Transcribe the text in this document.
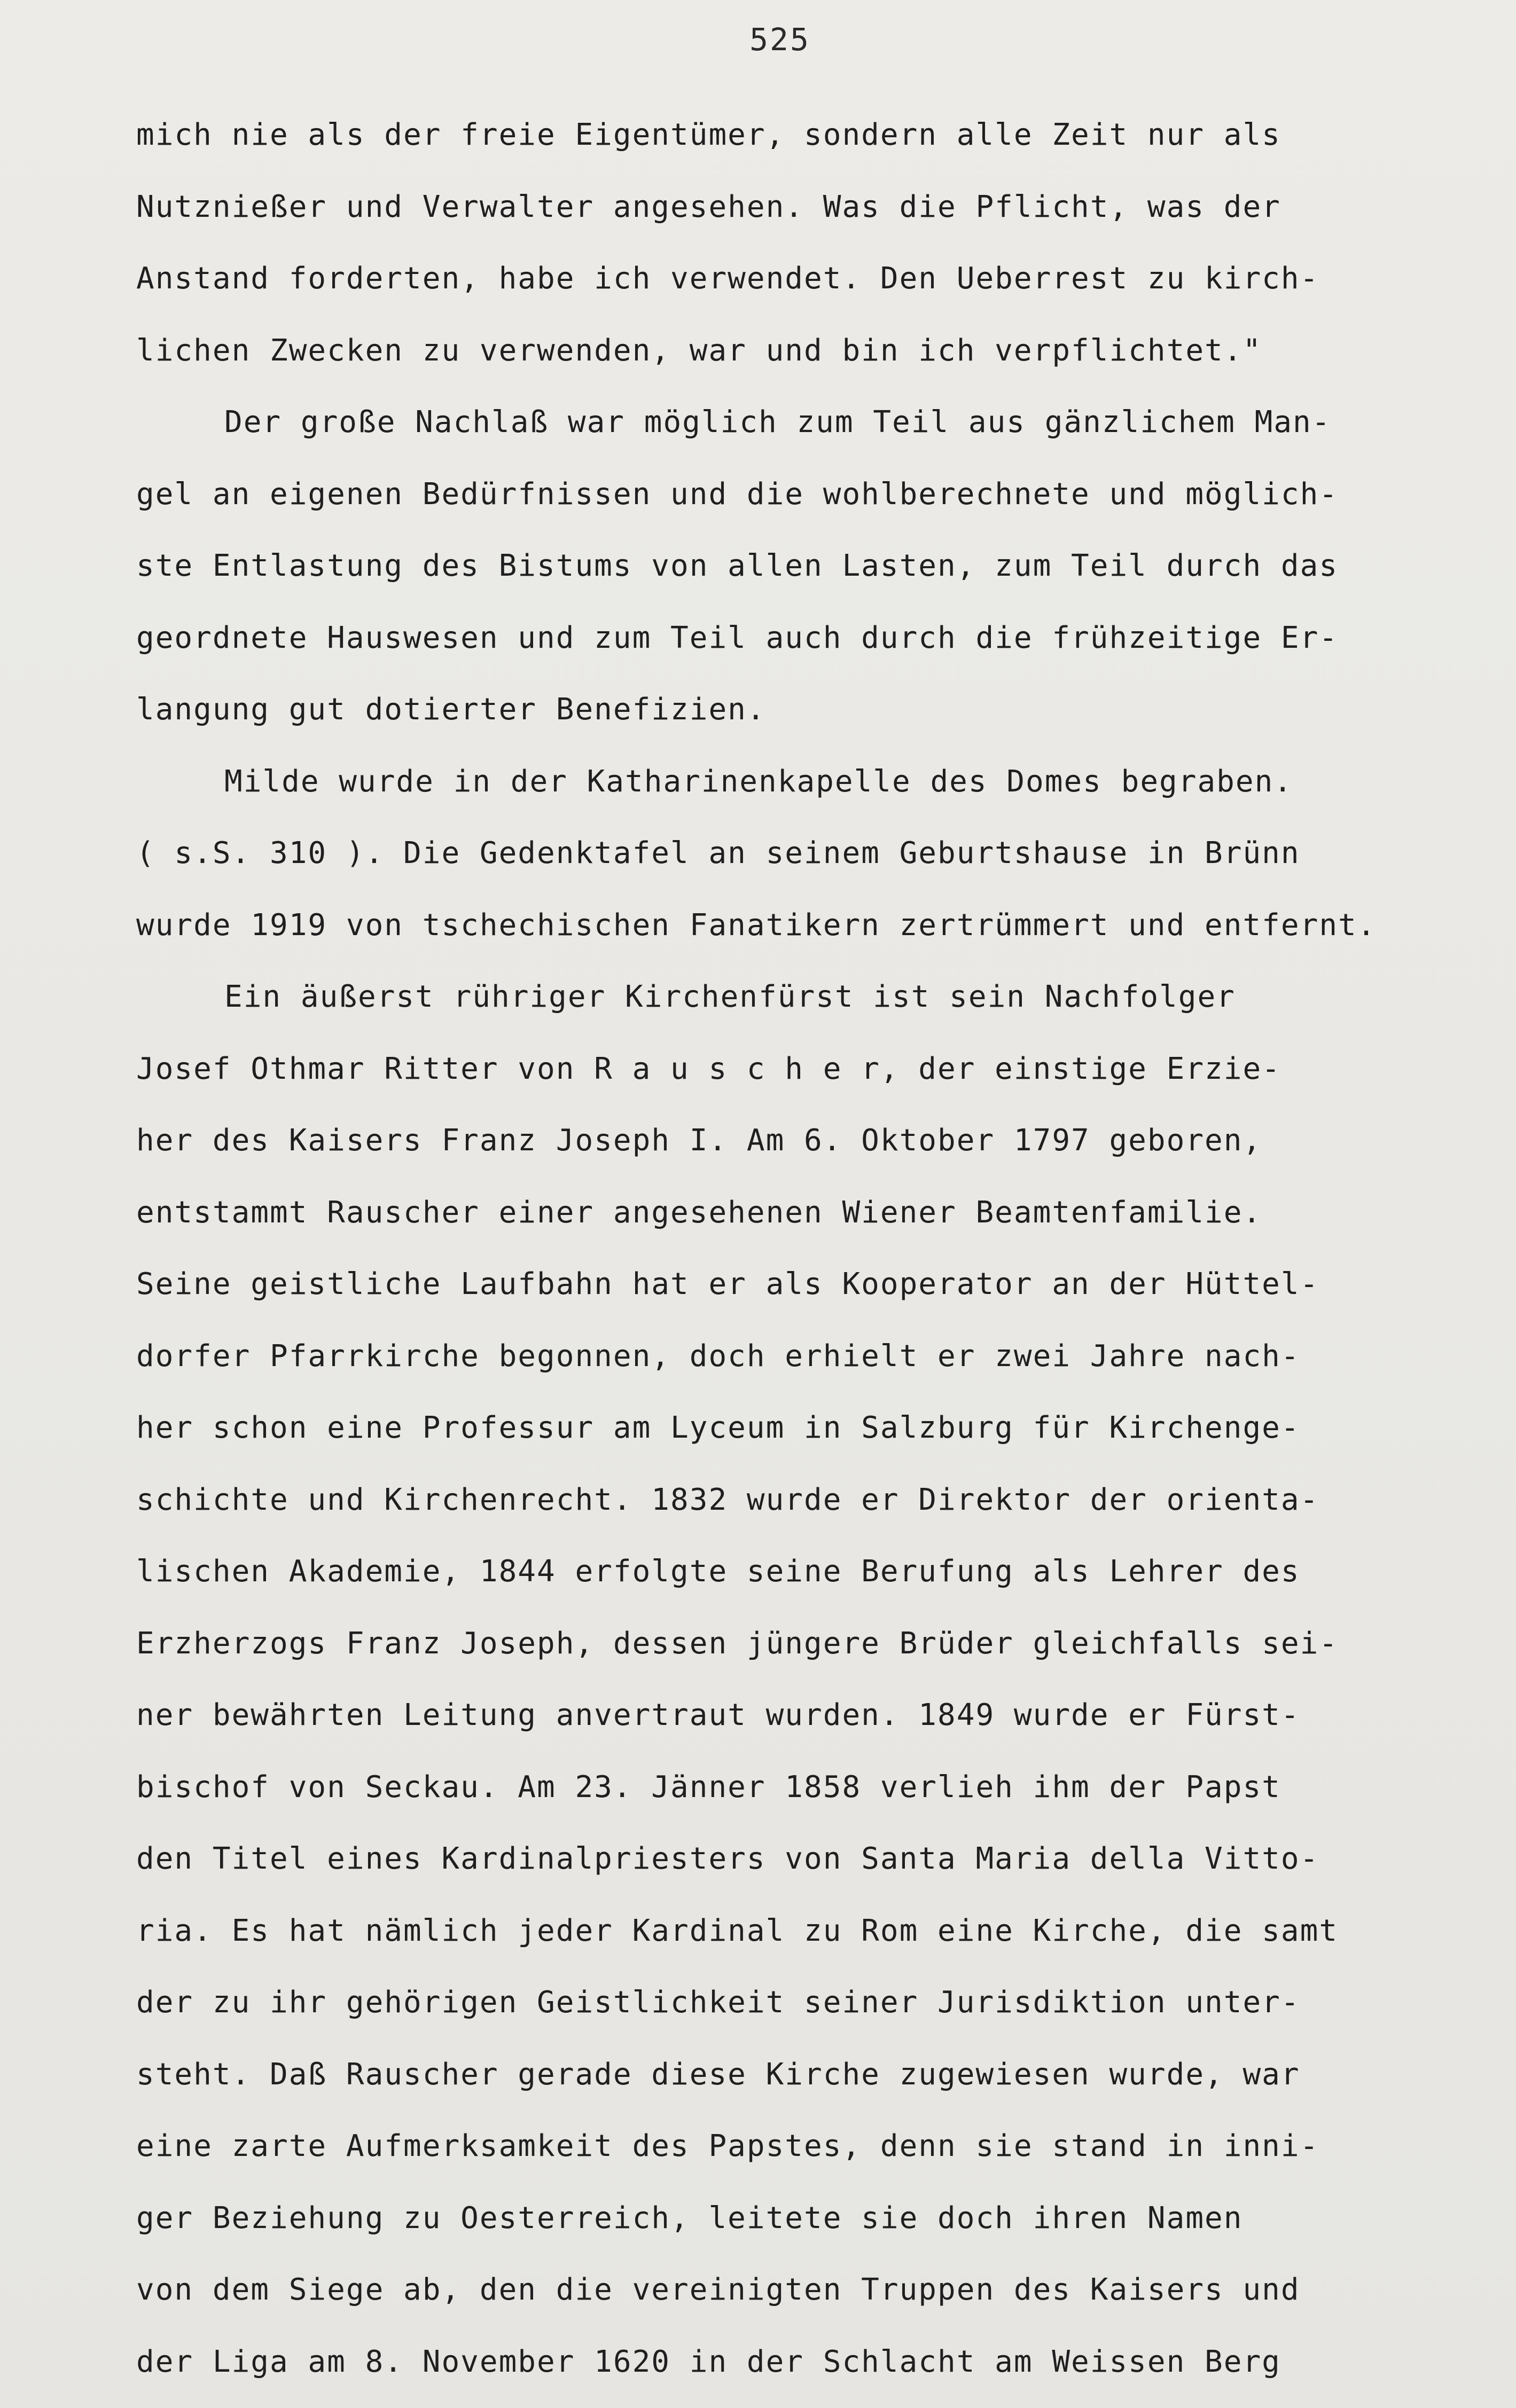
525
mich nie als der freie Eigentümer, sondern alle Zeit nur als
Nutznießer und Verwalter angesehen. Was die Pflicht, was der
Anstand forderten, habe ich verwendet. Den Ueberrest zu kirch-
lichen Zwecken zu verwenden, war und bin ich verpflichtet."
Der große Nachlaß war möglich zum Teil aus gänzlichem Man-
gel an eigenen Bedürfnissen und die wohlberechnete und möglich-
ste Entlastung des Bistums von allen Lasten, zum Teil durch das
geordnete Hauswesen und zum Teil auch durch die frühzeitige Er-
langung gut dotierter Benefizien.
Milde wurde in der Katharinenkapelle des Domes begraben.
( s.S. 310 ). Die Gedenktafel an seinem Geburtshause in Brünn
wurde 1919 von tschechischen Fanatikern zertrümmert und entfernt.
Ein äußerst rühriger Kirchenfürst ist sein Nachfolger
Josef Othmar Ritter von R a u s c h e r, der einstige Erzie-
her des Kaisers Franz Joseph I. Am 6. Oktober 1797 geboren,
entstammt Rauscher einer angesehenen Wiener Beamtenfamilie.
Seine geistliche Laufbahn hat er als Kooperator an der Hüttel-
dorfer Pfarrkirche begonnen, doch erhielt er zwei Jahre nach-
her schon eine Professur am Lyceum in Salzburg für Kirchenge-
schichte und Kirchenrecht. 1832 wurde er Direktor der orienta-
lischen Akademie, 1844 erfolgte seine Berufung als Lehrer des
Erzherzogs Franz Joseph, dessen jüngere Brüder gleichfalls sei-
ner bewährten Leitung anvertraut wurden. 1849 wurde er Fürst-
bischof von Seckau. Am 23. Jänner 1858 verlieh ihm der Papst
den Titel eines Kardinalpriesters von Santa Maria della Vitto-
ria. Es hat nämlich jeder Kardinal zu Rom eine Kirche, die samt
der zu ihr gehörigen Geistlichkeit seiner Jurisdiktion unter-
steht. Daß Rauscher gerade diese Kirche zugewiesen wurde, war
eine zarte Aufmerksamkeit des Papstes, denn sie stand in inni-
ger Beziehung zu Oesterreich, leitete sie doch ihren Namen
von dem Siege ab, den die vereinigten Truppen des Kaisers und
der Liga am 8. November 1620 in der Schlacht am Weissen Berg
